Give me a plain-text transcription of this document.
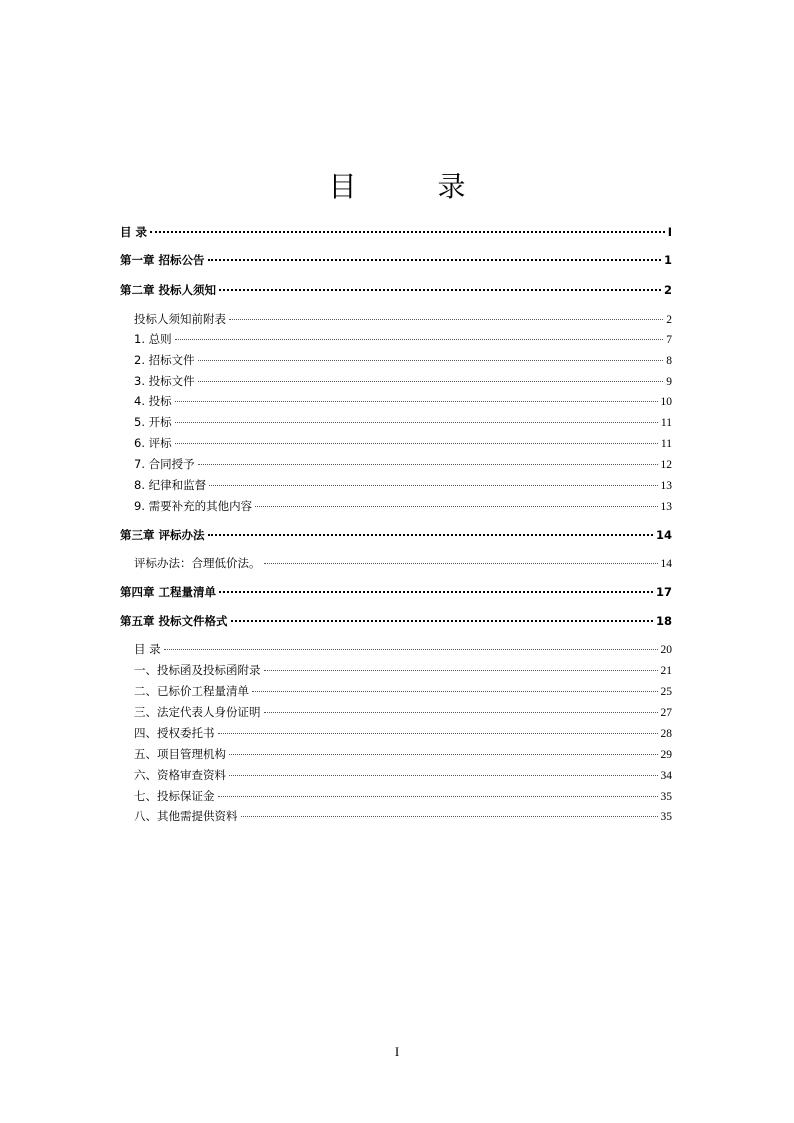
目 录
目 录	I
第一章 招标公告	1
第二章 投标人须知	2
投标人须知前附表	2
1. 总则	7
2. 招标文件	8
3. 投标文件	9
4. 投标	10
5. 开标	11
6. 评标	11
7. 合同授予	12
8. 纪律和监督	13
9. 需要补充的其他内容	13
第三章 评标办法	14
评标办法：合理低价法。	14
第四章 工程量清单	17
第五章 投标文件格式	18
目 录	20
一、投标函及投标函附录	21
二、已标价工程量清单	25
三、法定代表人身份证明	27
四、授权委托书	28
五、项目管理机构	29
六、资格审查资料	34
七、投标保证金	35
八、其他需提供资料	35
I
